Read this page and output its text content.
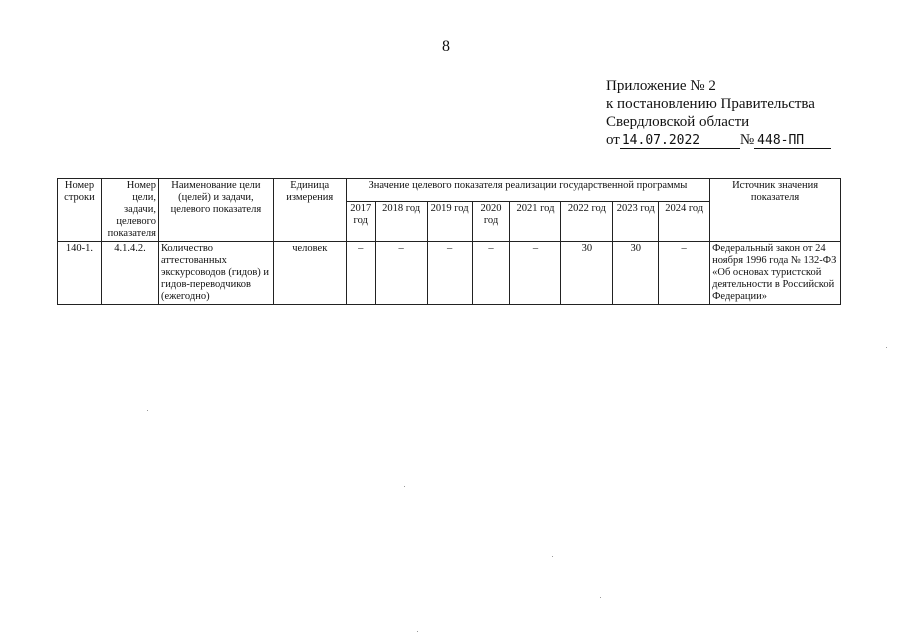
8
Приложение № 2
к постановлению Правительства
Свердловской области
от 14.07.2022	№ 448-ПП
Номер строки	Номер цели, задачи, целевого показателя	Наименование цели (целей) и задачи, целевого показателя	Единица измерения	Значение целевого показателя реализации государственной программы								Источник значения показателя
				2017 год	2018 год	2019 год	2020 год	2021 год	2022 год	2023 год	2024 год	
140-1.	4.1.4.2.	Количество аттестованных экскурсоводов (гидов) и гидов-переводчиков (ежегодно)	человек	–	–	–	–	–	30	30	–	Федеральный закон от 24 ноября 1996 года № 132-ФЗ «Об основах туристской деятельности в Российской Федерации»
